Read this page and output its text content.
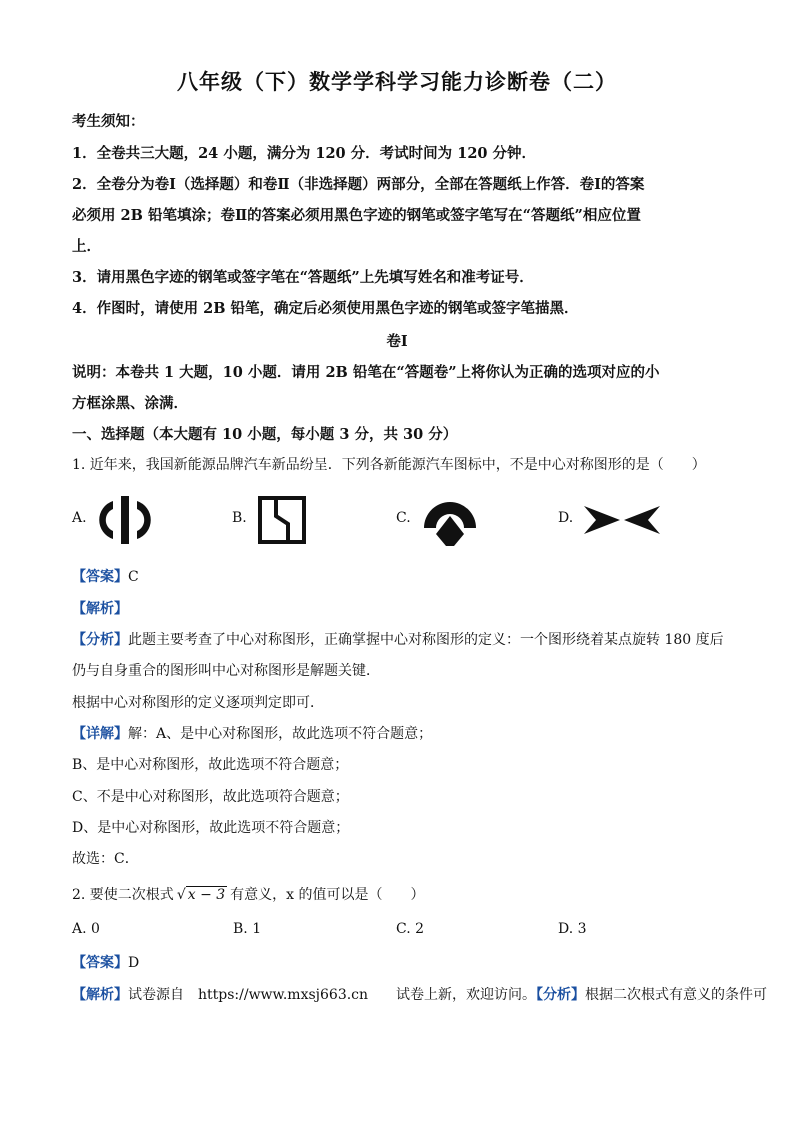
八年级（下）数学学科学习能力诊断卷（二）
考生须知：
1．全卷共三大题，24 小题，满分为 120 分．考试时间为 120 分钟．
2．全卷分为卷Ⅰ（选择题）和卷Ⅱ（非选择题）两部分，全部在答题纸上作答．卷Ⅰ的答案
必须用 2B 铅笔填涂；卷Ⅱ的答案必须用黑色字迹的钢笔或签字笔写在“答题纸”相应位置
上．
3．请用黑色字迹的钢笔或签字笔在“答题纸”上先填写姓名和准考证号．
4．作图时，请使用 2B 铅笔，确定后必须使用黑色字迹的钢笔或签字笔描黑．
卷Ⅰ
说明：本卷共 1 大题，10 小题．请用 2B 铅笔在“答题卷”上将你认为正确的选项对应的小
方框涂黑、涂满．
一、选择题（本大题有 10 小题，每小题 3 分，共 30 分）
1. 近年来，我国新能源品牌汽车新品纷呈．下列各新能源汽车图标中，不是中心对称图形的是（　　）
A.	B.	C.	D.
【答案】C
【解析】
【分析】此题主要考查了中心对称图形，正确掌握中心对称图形的定义：一个图形绕着某点旋转 180 度后
仍与自身重合的图形叫中心对称图形是解题关键．
根据中心对称图形的定义逐项判定即可．
【详解】解：A、是中心对称图形，故此选项不符合题意；
B、是中心对称图形，故此选项不符合题意；
C、不是中心对称图形，故此选项符合题意；
D、是中心对称图形，故此选项不符合题意；
故选：C．
2. 要使二次根式 √ x − 3 有意义，x 的值可以是（　　）
A. 0	B. 1	C. 2	D. 3
【答案】D
【解析】试卷源自　https://www.mxsj663.cn　　试卷上新，欢迎访问。【分析】根据二次根式有意义的条件可
